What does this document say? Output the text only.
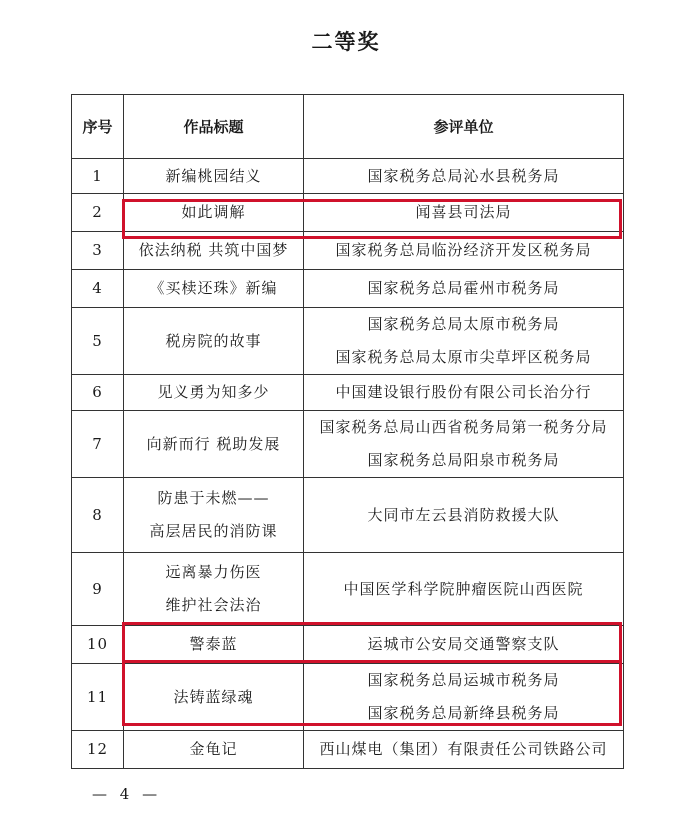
二等奖
序号	作品标题	参评单位
1	新编桃园结义	国家税务总局沁水县税务局

2	如此调解	闻喜县司法局

3	依法纳税 共筑中国梦	国家税务总局临汾经济开发区税务局

4	《买椟还珠》新编	国家税务总局霍州市税务局

5	税房院的故事	国家税务总局太原市税务局
国家税务总局太原市尖草坪区税务局

6	见义勇为知多少	中国建设银行股份有限公司长治分行

7	向新而行 税助发展	国家税务总局山西省税务局第一税务分局
国家税务总局阳泉市税务局

8	防患于未燃——
高层居民的消防课	大同市左云县消防救援大队

9	远离暴力伤医
维护社会法治	中国医学科学院肿瘤医院山西医院

10	警泰蓝	运城市公安局交通警察支队

11	法铸蓝绿魂	国家税务总局运城市税务局
国家税务总局新绛县税务局

12	金龟记	西山煤电（集团）有限责任公司铁路公司
— 4 —
